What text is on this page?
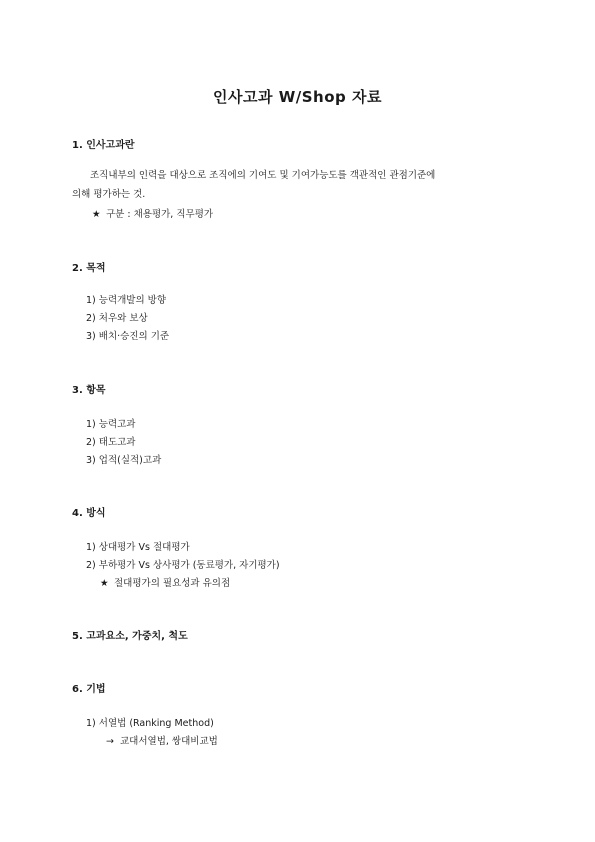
인사고과 W/Shop 자료
1. 인사고과란
조직내부의 인력을 대상으로 조직에의 기여도 및 기여가능도를 객관적인 관점기준에
의해 평가하는 것.
★ 구분 : 채용평가, 직무평가
2. 목적
1) 능력개발의 방향
2) 처우와 보상
3) 배치·승진의 기준
3. 항목
1) 능력고과
2) 태도고과
3) 업적(실적)고과
4. 방식
1) 상대평가 Vs 절대평가
2) 부하평가 Vs 상사평가 (동료평가, 자기평가)
★ 절대평가의 필요성과 유의점
5. 고과요소, 가중치, 척도
6. 기법
1) 서열법 (Ranking Method)
→ 교대서열법, 쌍대비교법
